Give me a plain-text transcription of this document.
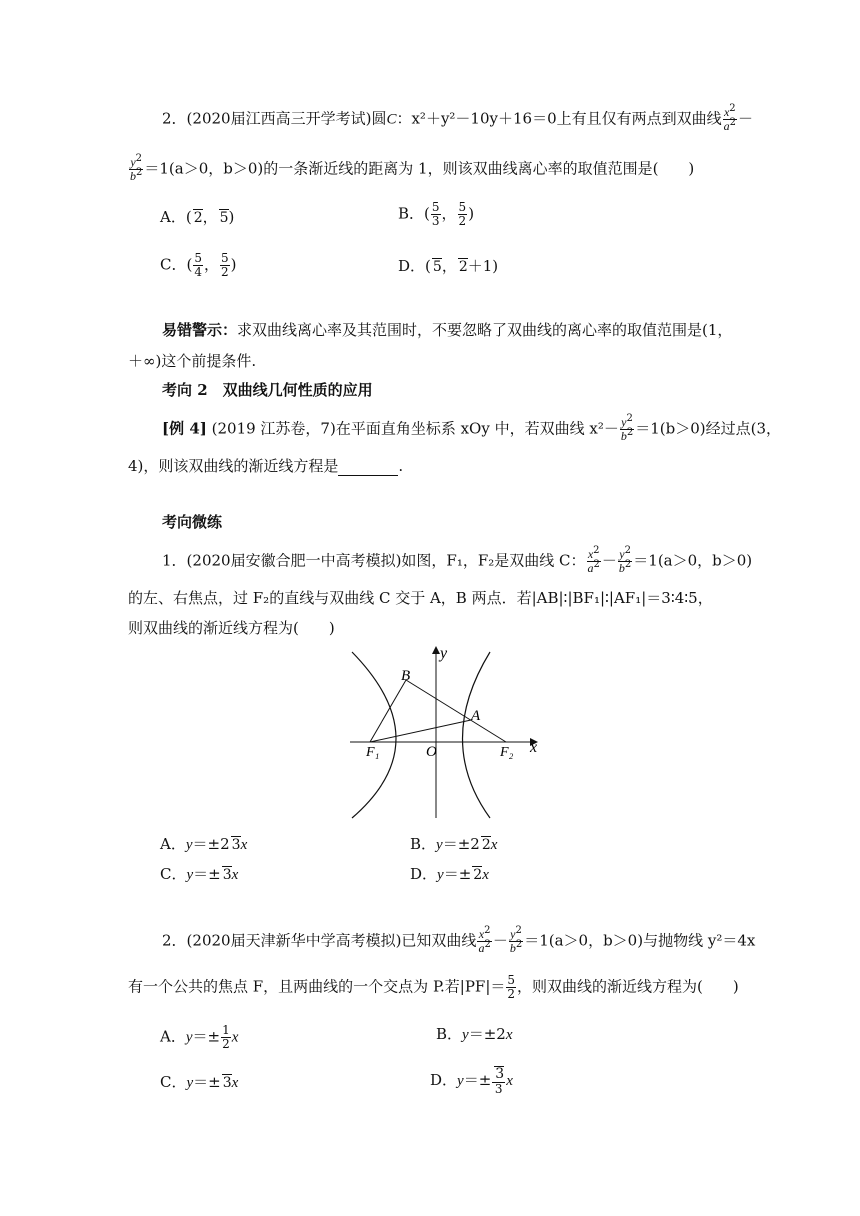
2．(2020届江西高三开学考试)圆C：x²＋y²－10y＋16＝0上有且仅有两点到双曲线 $\frac{x^2}{a^2}$ －
$\frac{y^2}{b^2} =1(a>0$，b＞0)的一条渐近线的距离为 1，则该双曲线离心率的取值范围是(　　)
A．( 2， 5)	B．( $\frac{5}{3}$ ， $\frac{5}{2}$ )
C．( $\frac{5}{4}$ ， $\frac{5}{2}$ )	D．( 5， 2＋1)
易错警示：求双曲线离心率及其范围时，不要忽略了双曲线的离心率的取值范围是(1，
＋∞)这个前提条件.
考向 2　双曲线几何性质的应用
[例 4] (2019 江苏卷，7)在平面直角坐标系 xOy 中，若双曲线 $x^2- \frac{y^2}{b^2} =1(b>0)$经过点(3，
4)，则该双曲线的渐近线方程是	.
考向微练
1．(2020届安徽合肥一中高考模拟)如图，F₁，F₂是双曲线 C： $\frac{x^2}{a^2} - \frac{y^2}{b^2} =1(a>0$，b＞0)
的左、右焦点，过 F₂的直线与双曲线 C 交于 A，B 两点．若|AB|∶|BF₁|∶|AF₁|＝3∶4∶5，
则双曲线的渐近线方程为(　　)
y
x
B
A
F₁	O	F₂
A．y＝±2 3x	B．y＝±2 2x
C．y＝± 3x	D．y＝± 2x
2．(2020届天津新华中学高考模拟)已知双曲线 $\frac{x^2}{a^2} - \frac{y^2}{b^2} =1(a>0$，b＞0)与抛物线 y²＝4x
有一个公共的焦点 F，且两曲线的一个交点为 P.若$|PF|= \frac{5}{2}$ ，则双曲线的渐近线方程为(　　)
A．$y=\pm \frac{1}{2}$ x	B．y＝±2x
C．y＝± 3x	D．$y=\pm \frac{3}{3}$ x
